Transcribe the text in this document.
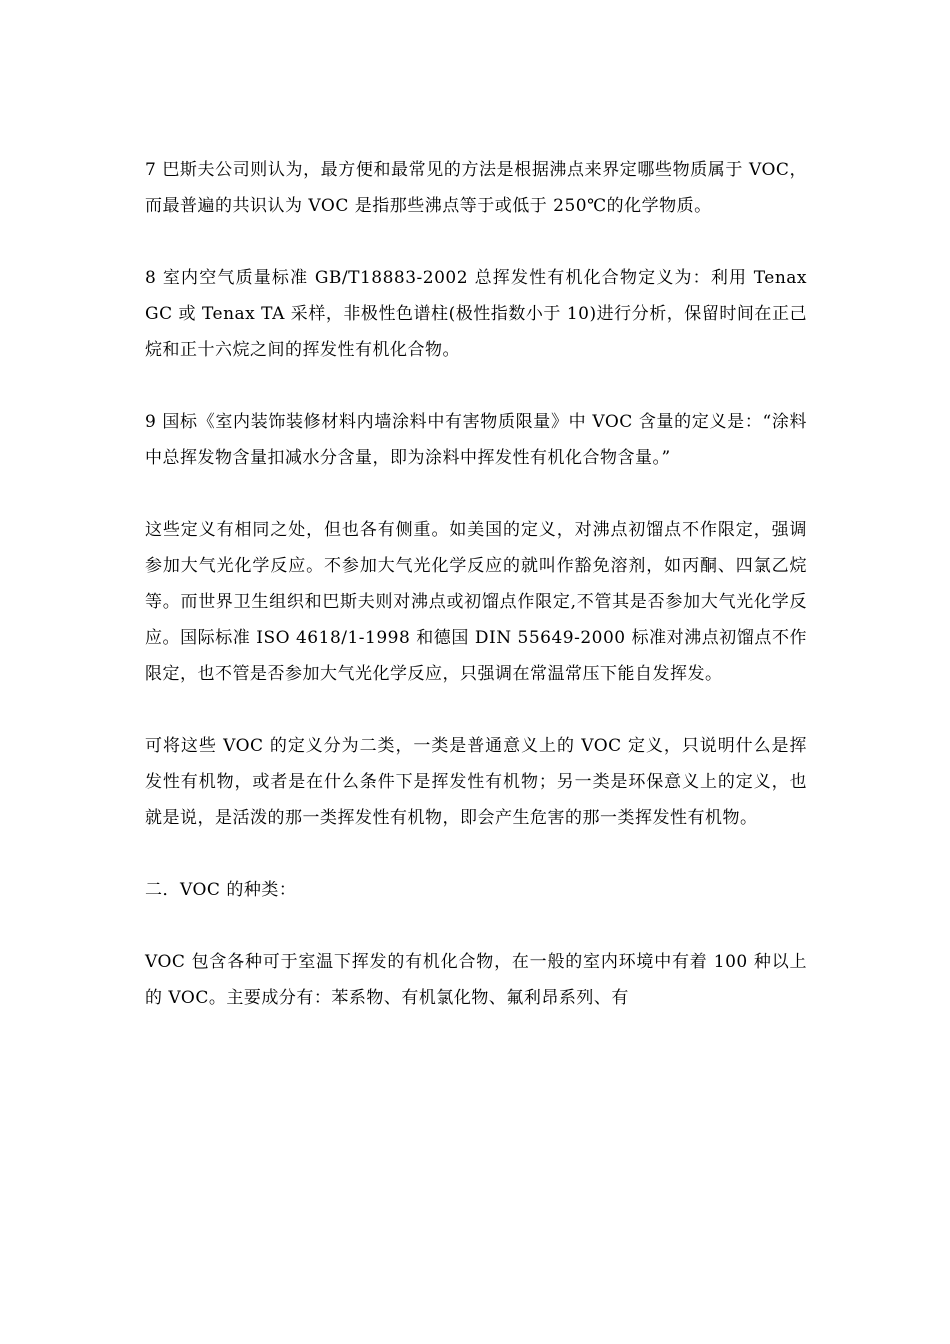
7 巴斯夫公司则认为，最方便和最常见的方法是根据沸点来界定哪些物质属于 VOC，而最普遍的共识认为 VOC 是指那些沸点等于或低于 250℃的化学物质。

8 室内空气质量标准 GB/T18883-2002 总挥发性有机化合物定义为：利用 Tenax GC 或 Tenax TA 采样，非极性色谱柱(极性指数小于 10)进行分析，保留时间在正己烷和正十六烷之间的挥发性有机化合物。

9 国标《室内装饰装修材料内墙涂料中有害物质限量》中 VOC 含量的定义是：“涂料中总挥发物含量扣减水分含量，即为涂料中挥发性有机化合物含量。”

这些定义有相同之处，但也各有侧重。如美国的定义，对沸点初馏点不作限定，强调参加大气光化学反应。不参加大气光化学反应的就叫作豁免溶剂，如丙酮、四氯乙烷等。而世界卫生组织和巴斯夫则对沸点或初馏点作限定,不管其是否参加大气光化学反应。国际标准 ISO 4618/1-1998 和德国 DIN 55649-2000 标准对沸点初馏点不作限定，也不管是否参加大气光化学反应，只强调在常温常压下能自发挥发。

可将这些 VOC 的定义分为二类，一类是普通意义上的 VOC 定义，只说明什么是挥发性有机物，或者是在什么条件下是挥发性有机物；另一类是环保意义上的定义，也就是说，是活泼的那一类挥发性有机物，即会产生危害的那一类挥发性有机物。

二．VOC 的种类：

VOC 包含各种可于室温下挥发的有机化合物，在一般的室内环境中有着 100 种以上的 VOC。主要成分有：苯系物、有机氯化物、氟利昂系列、有
